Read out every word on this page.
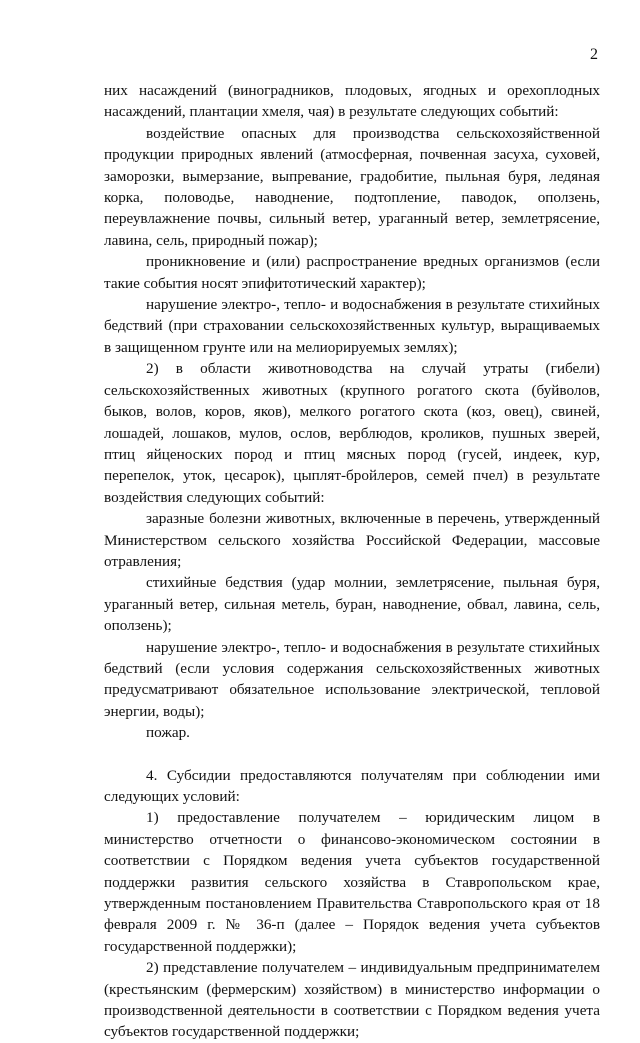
2

них насаждений (виноградников, плодовых, ягодных и орехоплодных насаждений, плантации хмеля, чая) в результате следующих событий:

воздействие опасных для производства сельскохозяйственной продукции природных явлений (атмосферная, почвенная засуха, суховей, заморозки, вымерзание, выпревание, градобитие, пыльная буря, ледяная корка, половодье, наводнение, подтопление, паводок, оползень, переувлажнение почвы, сильный ветер, ураганный ветер, землетрясение, лавина, сель, природный пожар);

проникновение и (или) распространение вредных организмов (если такие события носят эпифитотический характер);

нарушение электро-, тепло- и водоснабжения в результате стихийных бедствий (при страховании сельскохозяйственных культур, выращиваемых в защищенном грунте или на мелиорируемых землях);

2) в области животноводства на случай утраты (гибели) сельскохозяйственных животных (крупного рогатого скота (буйволов, быков, волов, коров, яков), мелкого рогатого скота (коз, овец), свиней, лошадей, лошаков, мулов, ослов, верблюдов, кроликов, пушных зверей, птиц яйценоских пород и птиц мясных пород (гусей, индеек, кур, перепелок, уток, цесарок), цыплят-бройлеров, семей пчел) в результате воздействия следующих событий:

заразные болезни животных, включенные в перечень, утвержденный Министерством сельского хозяйства Российской Федерации, массовые отравления;

стихийные бедствия (удар молнии, землетрясение, пыльная буря, ураганный ветер, сильная метель, буран, наводнение, обвал, лавина, сель, оползень);

нарушение электро-, тепло- и водоснабжения в результате стихийных бедствий (если условия содержания сельскохозяйственных животных предусматривают обязательное использование электрической, тепловой энергии, воды);

пожар.

4. Субсидии предоставляются получателям при соблюдении ими следующих условий:

1) предоставление получателем – юридическим лицом в министерство отчетности о финансово-экономическом состоянии в соответствии с Порядком ведения учета субъектов государственной поддержки развития сельского хозяйства в Ставропольском крае, утвержденным постановлением Правительства Ставропольского края от 18 февраля 2009 г. № 36-п (далее – Порядок ведения учета субъектов государственной поддержки);

2) представление получателем – индивидуальным предпринимателем (крестьянским (фермерским) хозяйством) в министерство информации о производственной деятельности в соответствии с Порядком ведения учета субъектов государственной поддержки;
